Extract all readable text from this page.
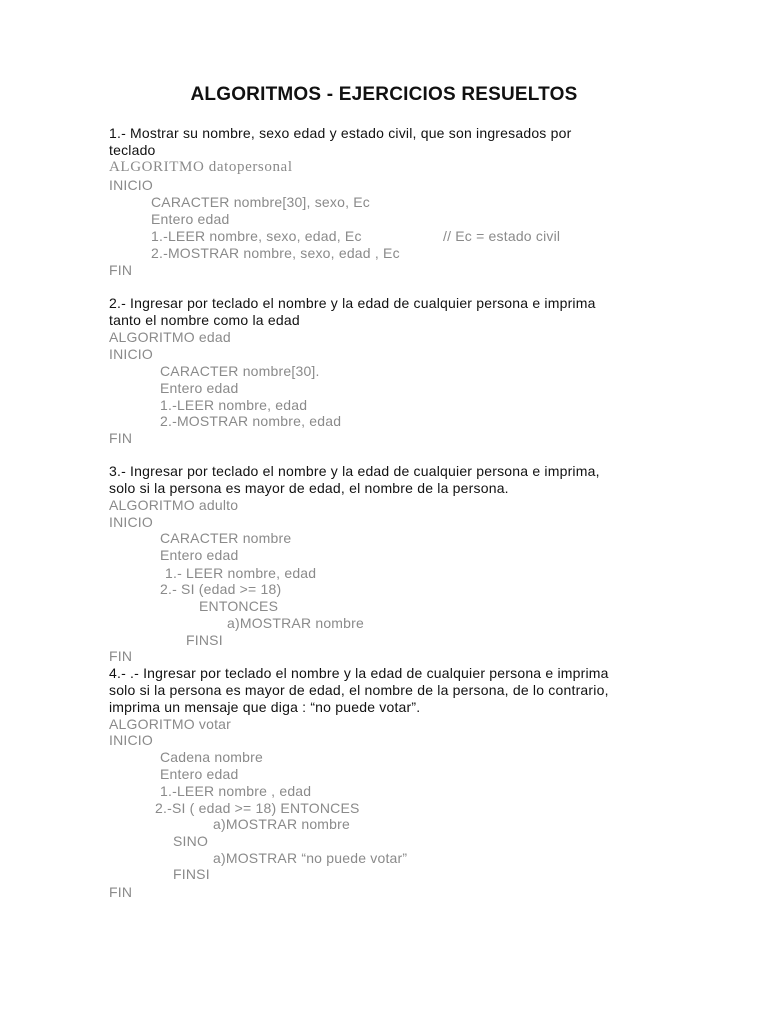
ALGORITMOS - EJERCICIOS RESUELTOS
1.- Mostrar su nombre, sexo edad y estado civil, que son ingresados por
teclado
ALGORITMO datopersonal
INICIO
CARACTER nombre[30], sexo, Ec
Entero edad
1.-LEER nombre, sexo, edad, Ec	// Ec = estado civil
2.-MOSTRAR nombre, sexo, edad , Ec
FIN
2.- Ingresar por teclado el nombre y la edad de cualquier persona e imprima
tanto el nombre como la edad
ALGORITMO edad
INICIO
CARACTER nombre[30].
Entero edad
1.-LEER nombre, edad
2.-MOSTRAR nombre, edad
FIN
3.- Ingresar por teclado el nombre y la edad de cualquier persona e imprima,
solo si la persona es mayor de edad, el nombre de la persona.
ALGORITMO adulto
INICIO
CARACTER nombre
Entero edad
1.- LEER nombre, edad
2.- SI (edad >= 18)
ENTONCES
a)MOSTRAR nombre
FINSI
FIN
4.- .- Ingresar por teclado el nombre y la edad de cualquier persona e imprima
solo si la persona es mayor de edad, el nombre de la persona, de lo contrario,
imprima un mensaje que diga : “no puede votar”.
ALGORITMO votar
INICIO
Cadena nombre
Entero edad
1.-LEER nombre , edad
2.-SI ( edad >= 18) ENTONCES
a)MOSTRAR nombre
SINO
a)MOSTRAR “no puede votar”
FINSI
FIN
